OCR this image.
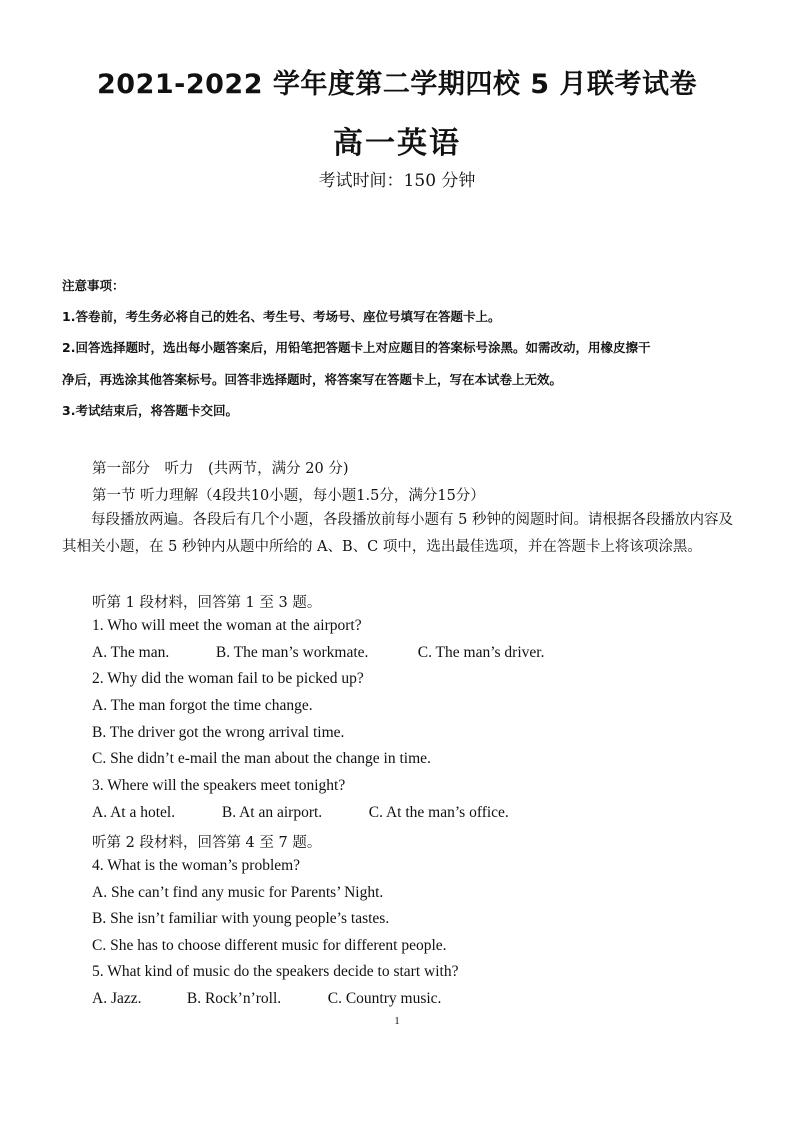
2021-2022 学年度第二学期四校 5 月联考试卷
高一英语
考试时间：150 分钟
注意事项：
1.答卷前，考生务必将自己的姓名、考生号、考场号、座位号填写在答题卡上。
2.回答选择题时，选出每小题答案后，用铅笔把答题卡上对应题目的答案标号涂黑。如需改动，用橡皮擦干
净后，再选涂其他答案标号。回答非选择题时，将答案写在答题卡上，写在本试卷上无效。
3.考试结束后，将答题卡交回。
第一部分　听力　(共两节，满分 20 分)
第一节 听力理解（4段共10小题，每小题1.5分，满分15分）
每段播放两遍。各段后有几个小题，各段播放前每小题有 5 秒钟的阅题时间。请根据各段播放内容及其相关小题，在 5 秒钟内从题中所给的 A、B、C 项中，选出最佳选项，并在答题卡上将该项涂黑。
听第 1 段材料，回答第 1 至 3 题。
1. Who will meet the woman at the airport?
A. The man.	B. The man’s workmate.	C. The man’s driver.
2. Why did the woman fail to be picked up?
A. The man forgot the time change.
B. The driver got the wrong arrival time.
C. She didn’t e-mail the man about the change in time.
3. Where will the speakers meet tonight?
A. At a hotel.	B. At an airport.	C. At the man’s office.
听第 2 段材料，回答第 4 至 7 题。
4. What is the woman’s problem?
A. She can’t find any music for Parents’ Night.
B. She isn’t familiar with young people’s tastes.
C. She has to choose different music for different people.
5. What kind of music do the speakers decide to start with?
A. Jazz.	B. Rock’n’roll.	C. Country music.
1
